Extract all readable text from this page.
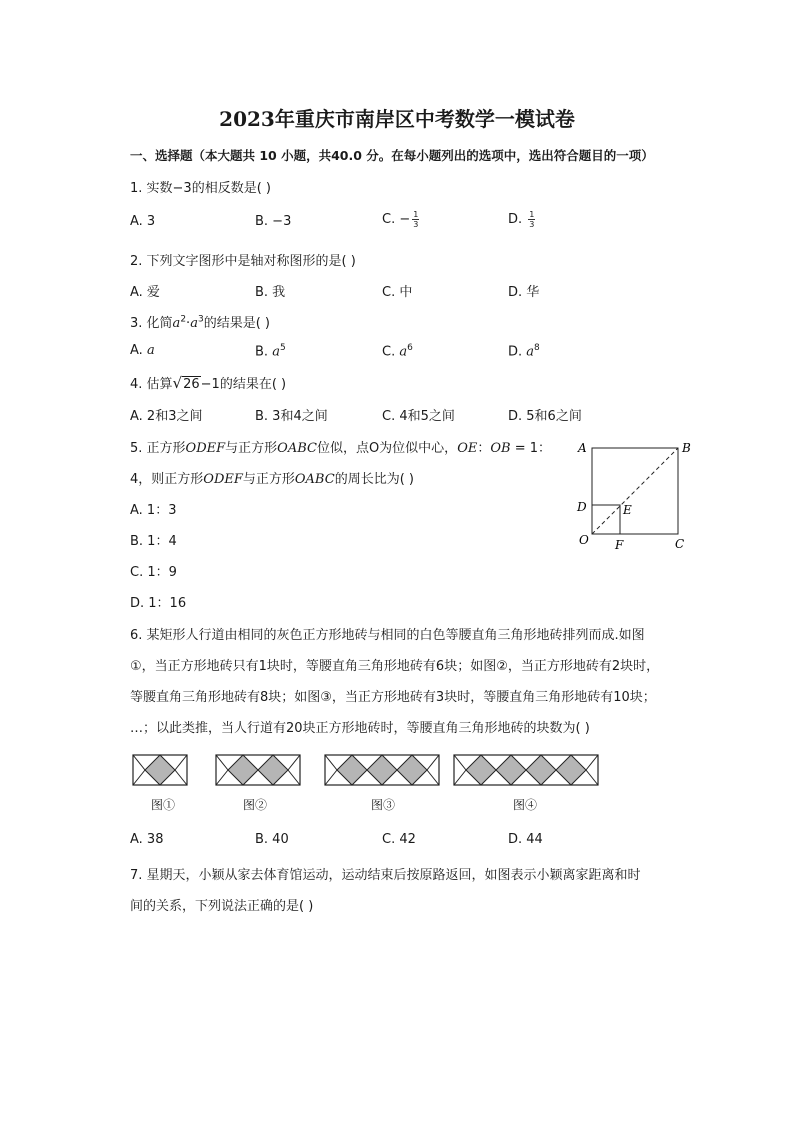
2023年重庆市南岸区中考数学一模试卷
一、选择题（本大题共 10 小题，共40.0 分。在每小题列出的选项中，选出符合题目的一项）
1. 实数−3的相反数是( )
A. 3	B. −3	C. − $\frac{1}{3}$	D. $\frac{1}{3}$
2. 下列文字图形中是轴对称图形的是( )
A. 爱	B. 我	C. 中	D. 华
3. 化简$a^2\cdot a^3$的结果是( )
A. a	B. $a^5$	C. $a^6$	D. $a^8$
4. 估算√26−1的结果在( )
A. 2和3之间	B. 3和4之间	C. 4和5之间	D. 5和6之间
5. 正方形ODEF与正方形OABC位似，点O为位似中心，OE：OB = 1：
4，则正方形ODEF与正方形OABC的周长比为( )
A. 1：3
B. 1：4
C. 1：9
D. 1：16
A	B
C
D	E
F
O
6. 某矩形人行道由相同的灰色正方形地砖与相同的白色等腰直角三角形地砖排列而成.如图
①，当正方形地砖只有1块时，等腰直角三角形地砖有6块；如图②，当正方形地砖有2块时，
等腰直角三角形地砖有8块；如图③，当正方形地砖有3块时，等腰直角三角形地砖有10块；
…；以此类推，当人行道有20块正方形地砖时，等腰直角三角形地砖的块数为( )
图①	图②	图③	图④
A. 38	B. 40	C. 42	D. 44
7. 星期天，小颖从家去体育馆运动，运动结束后按原路返回，如图表示小颖离家距离和时
间的关系，下列说法正确的是( )
